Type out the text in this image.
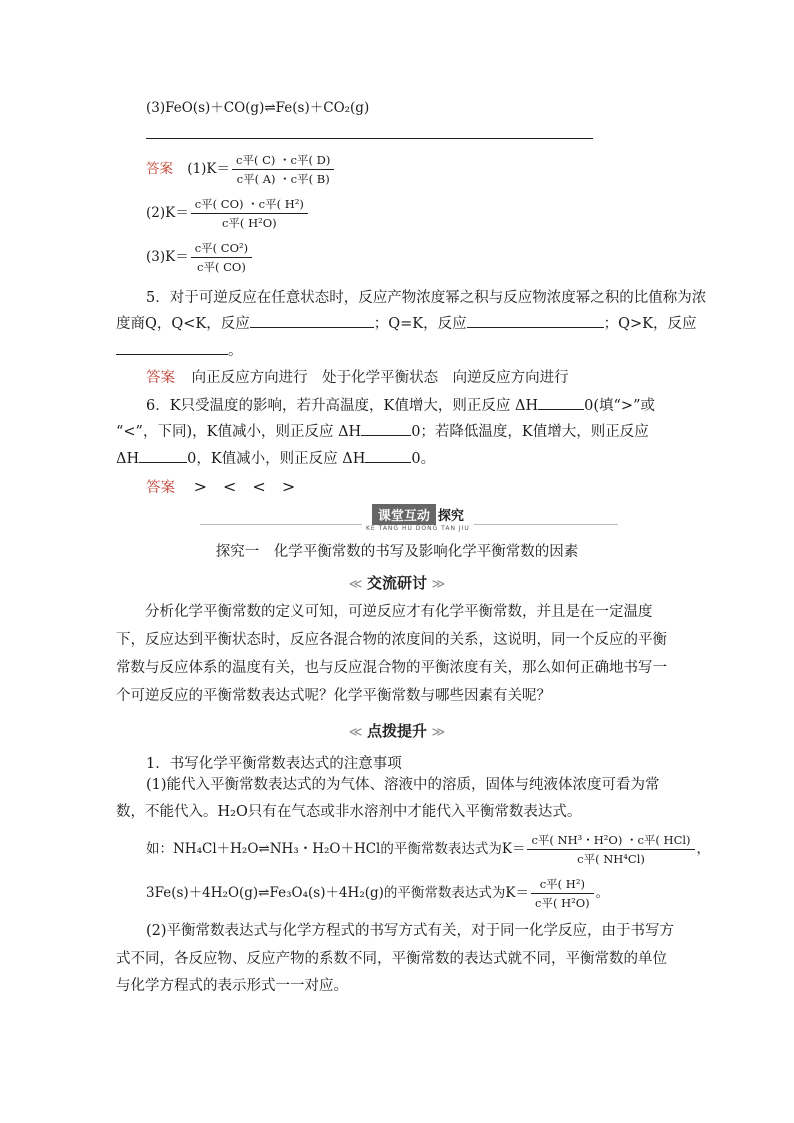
(3)FeO(s)＋CO(g)⇌Fe(s)＋CO₂(g)
答案 $(1)K= \frac{\text{c平( C) ・c平( D)}}{\text{c平( A) ・c平( B)}}$
$(2)K= \frac{\text{c平( CO) ・c平( H²)}}{\text{c平( H²O)}}$
$(3)K= \frac{\text{c平( CO²)}}{\text{c平( CO)}}$
5．对于可逆反应在任意状态时，反应产物浓度幂之积与反应物浓度幂之积的比值称为浓
度商Q，Q<K，反应	；Q=K，反应	；Q>K，反应
。
答案 向正反应方向进行　处于化学平衡状态　向逆反应方向进行
6．K只受温度的影响，若升高温度，K值增大，则正反应 ΔH	0(填“>”或
“<”，下同)，K值减小，则正反应 ΔH	0；若降低温度，K值增大，则正反应
ΔH	0，K值减小，则正反应 ΔH	0。
答案 >　<　<　>
课堂互动 探究
KE TANG HU DONG TAN JIU
探究一　化学平衡常数的书写及影响化学平衡常数的因素
≪ 交流研讨 ≫
分析化学平衡常数的定义可知，可逆反应才有化学平衡常数，并且是在一定温度下，反应达到平衡状态时，反应各混合物的浓度间的关系，这说明，同一个反应的平衡常数与反应体系的温度有关，也与反应混合物的平衡浓度有关，那么如何正确地书写一个可逆反应的平衡常数表达式呢？化学平衡常数与哪些因素有关呢？
≪ 点拨提升 ≫
1．书写化学平衡常数表达式的注意事项
(1)能代入平衡常数表达式的为气体、溶液中的溶质，固体与纯液体浓度可看为常数，不能代入。H₂O只有在气态或非水溶剂中才能代入平衡常数表达式。
如：NH₄Cl＋H₂O⇌NH₃・H₂O＋HCl的平衡常数表达式为$K= \frac{\text{c平( NH³・H²O) ・c平( HCl)}}{\text{c平( NH⁴Cl)}}$ ，
3Fe(s)＋4H₂O(g)⇌Fe₃O₄(s)＋4H₂(g)的平衡常数表达式为$K= \frac{\text{c平( H²)}}{\text{c平( H²O)}}$ 。
(2)平衡常数表达式与化学方程式的书写方式有关，对于同一化学反应，由于书写方式不同，各反应物、反应产物的系数不同，平衡常数的表达式就不同，平衡常数的单位与化学方程式的表示形式一一对应。
